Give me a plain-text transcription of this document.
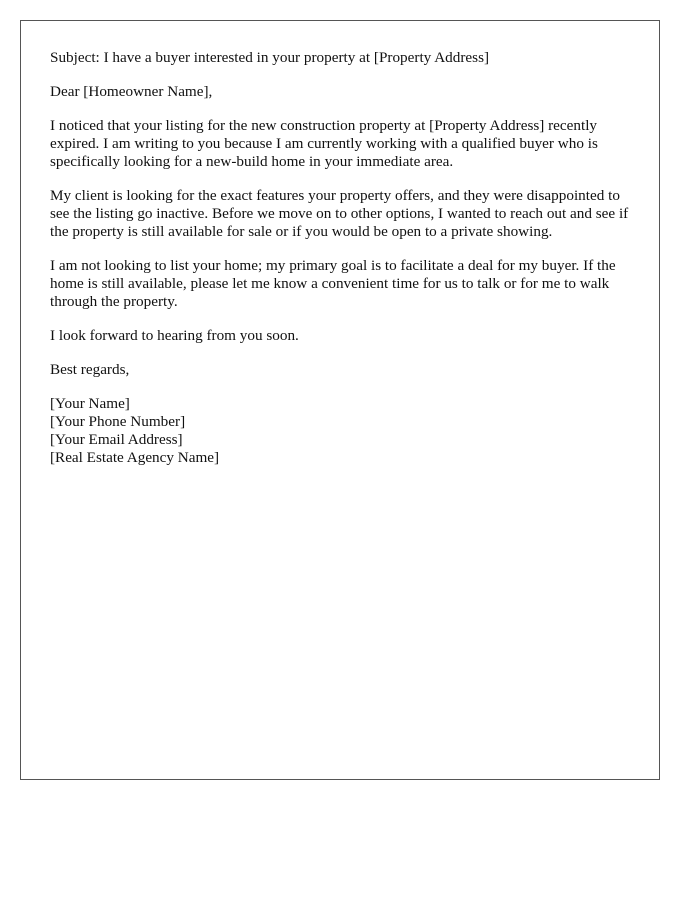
Subject: I have a buyer interested in your property at [Property Address]

Dear [Homeowner Name],

I noticed that your listing for the new construction property at [Property Address] recently expired. I am writing to you because I am currently working with a qualified buyer who is specifically looking for a new-build home in your immediate area.

My client is looking for the exact features your property offers, and they were disappointed to see the listing go inactive. Before we move on to other options, I wanted to reach out and see if the property is still available for sale or if you would be open to a private showing.

I am not looking to list your home; my primary goal is to facilitate a deal for my buyer. If the home is still available, please let me know a convenient time for us to talk or for me to walk through the property.

I look forward to hearing from you soon.

Best regards,

[Your Name]
[Your Phone Number]
[Your Email Address]
[Real Estate Agency Name]
